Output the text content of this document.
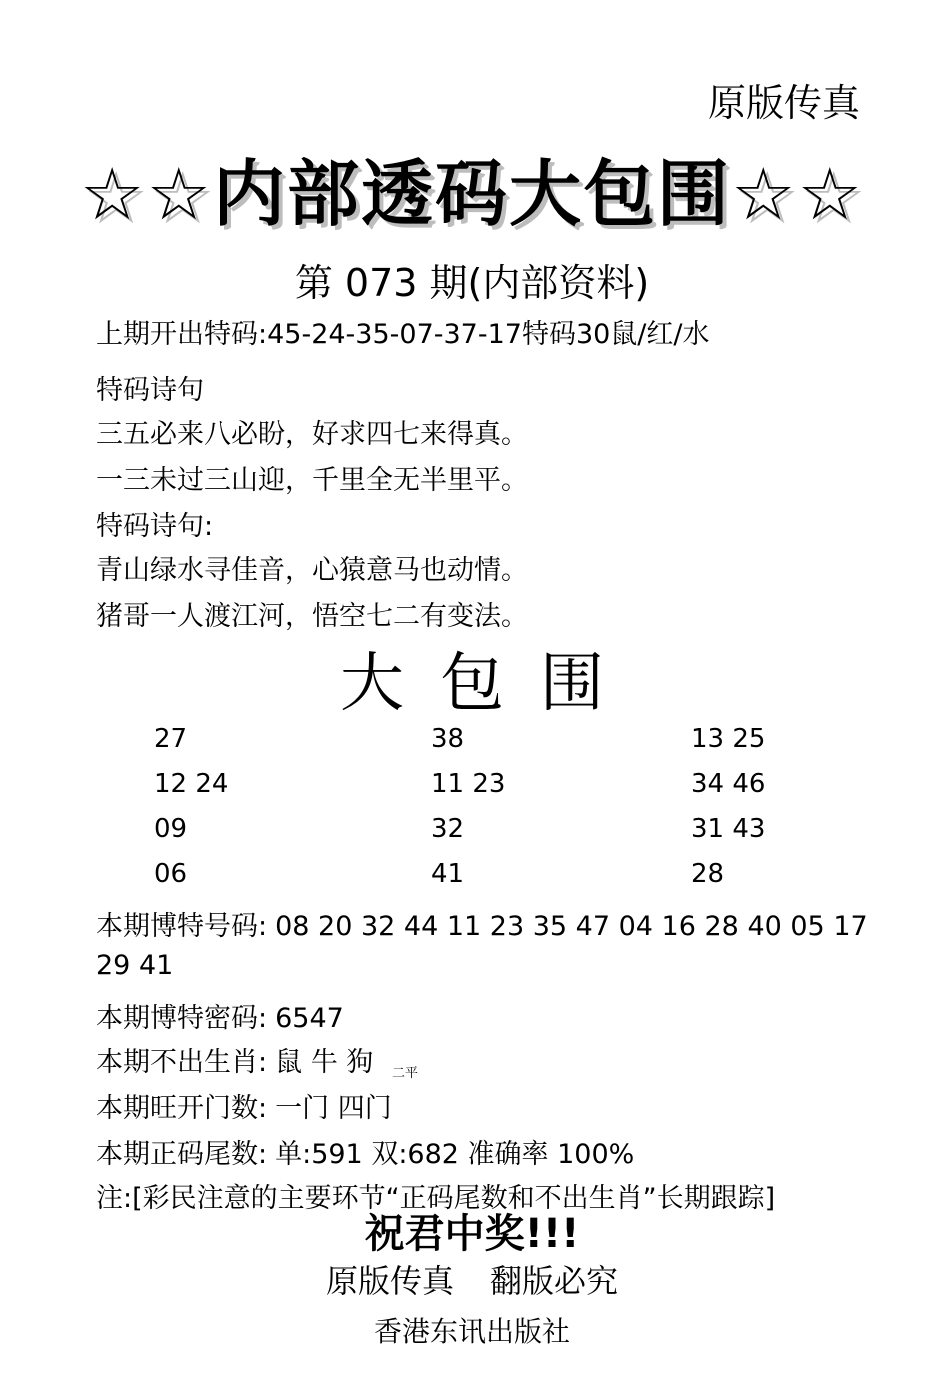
原版传真
☆☆内部透码大包围☆☆
第 073 期(内部资料)
上期开出特码:45-24-35-07-37-17特码30鼠/红/水
特码诗句
三五必来八必盼，好求四七来得真。
一三未过三山迎，千里全无半里平。
特码诗句:
青山绿水寻佳音，心猿意马也动情。
猪哥一人渡江河，悟空七二有变法。
大包围
27	38	13 25
12 24	11 23	34 46
09	32	31 43
06	41	28
本期博特号码: 08 20 32 44 11 23 35 47 04 16 28 40 05 17
29 41
本期博特密码: 6547
本期不出生肖: 鼠 牛 狗 二平
本期旺开门数: 一门 四门
本期正码尾数: 单:591 双:682 准确率 100%
注:[彩民注意的主要环节“正码尾数和不出生肖”长期跟踪]
祝君中奖!!!
原版传真 翻版必究
香港东讯出版社
